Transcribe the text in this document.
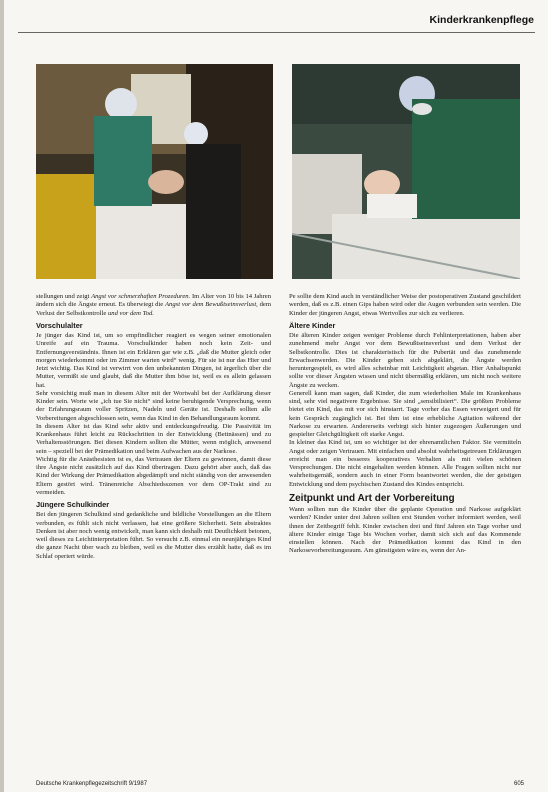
Kinderkrankenpflege

stellungen und zeigt Angst vor schmerzhaften Prozeduren. Im Alter von 10 bis 14 Jahren ändern sich die Ängste erneut. Es überwiegt die Angst vor dem Bewußtseinsverlust, dem Verlust der Selbstkontrolle und vor dem Tod.

Vorschulalter

Je jünger das Kind ist, um so empfindlicher reagiert es wegen seiner emotionalen Unreife auf ein Trauma. Vorschulkinder haben noch kein Zeit- und Entfernungsverständnis. Ihnen ist ein Erklären gar wie z.B. „daß die Mutter gleich oder morgen wiederkommt oder im Zimmer warten wird“ wenig. Für sie ist nur das Hier und Jetzt wichtig. Das Kind ist verwirrt von den unbekannten Dingen, ist ärgerlich über die Mutter, vermißt sie und glaubt, daß die Mutter ihm böse ist, weil es es allein gelassen hat.

Sehr vorsichtig muß man in diesem Alter mit der Wortwahl bei der Aufklärung dieser Kinder sein. Worte wie „ich tue Sie nicht“ sind keine beruhigende Versprechung, wenn der Erfahrungsraum voller Spritzen, Nadeln und Geräte ist. Deshalb sollten alle Vorbereitungen abgeschlossen sein, wenn das Kind in den Behandlungsraum kommt.

In diesem Alter ist das Kind sehr aktiv und entdeckungsfreudig. Die Passivität im Krankenhaus führt leicht zu Rückschritten in der Entwicklung (Bettnässen) und zu Verhaltensstörungen. Bei diesen Kindern sollten die Mütter, wenn möglich, anwesend sein – speziell bei der Prämedikation und beim Aufwachen aus der Narkose.

Wichtig für die Anästhesisten ist es, das Vertrauen der Eltern zu gewinnen, damit diese ihre Ängste nicht zusätzlich auf das Kind übertragen. Dazu gehört aber auch, daß das Kind der Wirkung der Prämedikation abgedämpft und nicht ständig von der anwesenden Eltern gestört wird. Tränenreiche Abschiedsszenen vor dem OP-Trakt sind zu vermeiden.

Jüngere Schulkinder

Bei den jüngeren Schulkind sind gedankliche und bildliche Vorstellungen an die Eltern verbunden, es fühlt sich nicht verlassen, hat eine größere Sicherheit. Sein abstraktes Denken ist aber noch wenig entwickelt, man kann sich deshalb mit Deutlichkeit betonen, weil dieses zu Leichtinterpretation führt. So versucht z.B. einmal ein neunjähriges Kind die ganze Nacht über wach zu bleiben, weil es die Mutter dies erzählt hatte, daß es im Schlaf operiert würde.

Pe sollte dem Kind auch in verständlicher Weise der postoperativen Zustand geschildert werden, daß es z.B. einen Gips haben wird oder die Augen verbunden sein werden. Die Kinder der jüngeren Angst, etwas Wertvolles zur sich zu verlieren.

Ältere Kinder

Die älteren Kinder zeigen weniger Probleme durch Fehlinterpretationen, haben aber zunehmend mehr Angst vor dem Bewußtseinsverlust und dem Verlust der Selbstkontrolle. Dies ist charakteristisch für die Pubertät und das zunehmende Erwachsenwerden. Die Kinder geben sich abgeklärt, die Ängste werden heruntergespielt, es wird alles scheinbar mit Leichtigkeit abgetan. Hier Anhaltspunkt sollte vor dieser Ängsten wissen und nicht übermäßig erklären, um nicht noch weitere Ängste zu wecken.

Generell kann man sagen, daß Kinder, die zum wiederholten Male im Krankenhaus sind, sehr viel negativere Ergebnisse. Sie sind „sensibilisiert“. Die größten Probleme bietet ein Kind, das mit vor sich hinstarrt. Tage vorher das Essen verweigert und für kein Gespräch zugänglich ist. Bei ihm ist eine erhebliche Agitation während der Narkose zu erwarten. Andererseits verbirgt sich hinter zugezogen Äußerungen und gespielter Gleichgültigkeit oft starke Angst.

In kleiner das Kind ist, um so wichtiger ist der ehrenamtlichen Faktor. Sie vermitteln Angst oder zeigen Vertrauen. Mit einfachen und absolut wahrheitsgetreuen Erklärungen erreicht man ein besseres kooperatives Verhalten als mit vielen schönen Versprechungen. Die nicht eingehalten werden können. Alle Fragen sollten nicht nur wahrheitsgemäß, sondern auch in einer Form beantwortet werden, die der geistigen Entwicklung und dem psychischen Zustand des Kindes entspricht.

Zeitpunkt und Art der Vorbereitung

Wann sollten nun die Kinder über die geplante Operation und Narkose aufgeklärt werden? Kinder unter drei Jahren sollten erst Stunden vorher informiert werden, weil ihnen der Zeitbegriff fehlt. Kinder zwischen drei und fünf Jahren ein Tage vorher und ältere Kinder einige Tage bis Wochen vorher, damit sich sich auf das Kommende einstellen können. Nach der Prämedikation kommt das Kind in den Narkosevorbereitungsraum. Am günstigsten wäre es, wenn der An-

Deutsche Krankenpflegezeitschrift 9/1987	605
